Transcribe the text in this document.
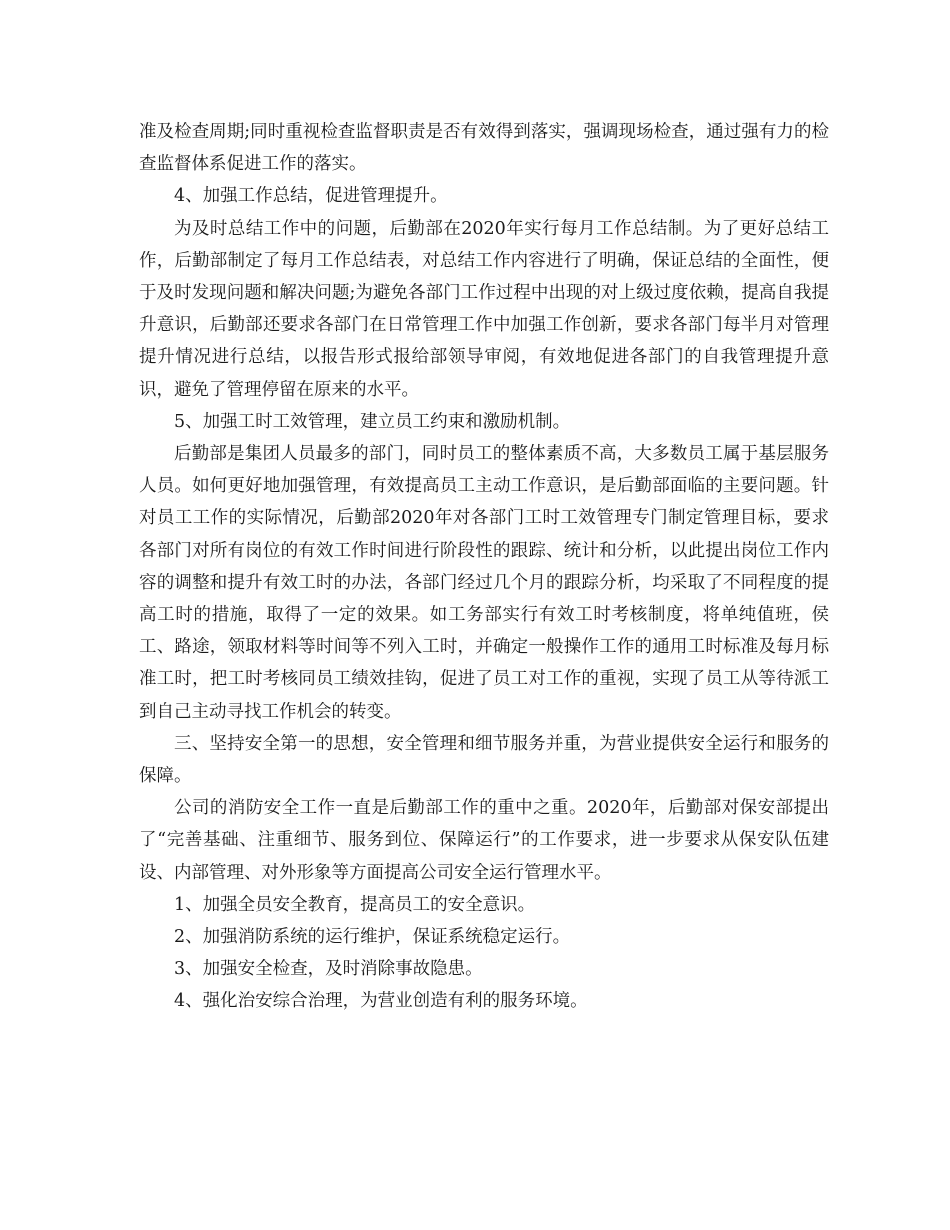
准及检查周期;同时重视检查监督职责是否有效得到落实，强调现场检查，通过强有力的检查监督体系促进工作的落实。

4、加强工作总结，促进管理提升。

为及时总结工作中的问题，后勤部在2020年实行每月工作总结制。为了更好总结工作，后勤部制定了每月工作总结表，对总结工作内容进行了明确，保证总结的全面性，便于及时发现问题和解决问题;为避免各部门工作过程中出现的对上级过度依赖，提高自我提升意识，后勤部还要求各部门在日常管理工作中加强工作创新，要求各部门每半月对管理提升情况进行总结，以报告形式报给部领导审阅，有效地促进各部门的自我管理提升意识，避免了管理停留在原来的水平。

5、加强工时工效管理，建立员工约束和激励机制。

后勤部是集团人员最多的部门，同时员工的整体素质不高，大多数员工属于基层服务人员。如何更好地加强管理，有效提高员工主动工作意识，是后勤部面临的主要问题。针对员工工作的实际情况，后勤部2020年对各部门工时工效管理专门制定管理目标，要求各部门对所有岗位的有效工作时间进行阶段性的跟踪、统计和分析，以此提出岗位工作内容的调整和提升有效工时的办法，各部门经过几个月的跟踪分析，均采取了不同程度的提高工时的措施，取得了一定的效果。如工务部实行有效工时考核制度，将单纯值班，侯工、路途，领取材料等时间等不列入工时，并确定一般操作工作的通用工时标准及每月标准工时，把工时考核同员工绩效挂钩，促进了员工对工作的重视，实现了员工从等待派工到自己主动寻找工作机会的转变。

三、坚持安全第一的思想，安全管理和细节服务并重，为营业提供安全运行和服务的保障。

公司的消防安全工作一直是后勤部工作的重中之重。2020年，后勤部对保安部提出了“完善基础、注重细节、服务到位、保障运行”的工作要求，进一步要求从保安队伍建设、内部管理、对外形象等方面提高公司安全运行管理水平。

1、加强全员安全教育，提高员工的安全意识。

2、加强消防系统的运行维护，保证系统稳定运行。

3、加强安全检查，及时消除事故隐患。

4、强化治安综合治理，为营业创造有利的服务环境。
